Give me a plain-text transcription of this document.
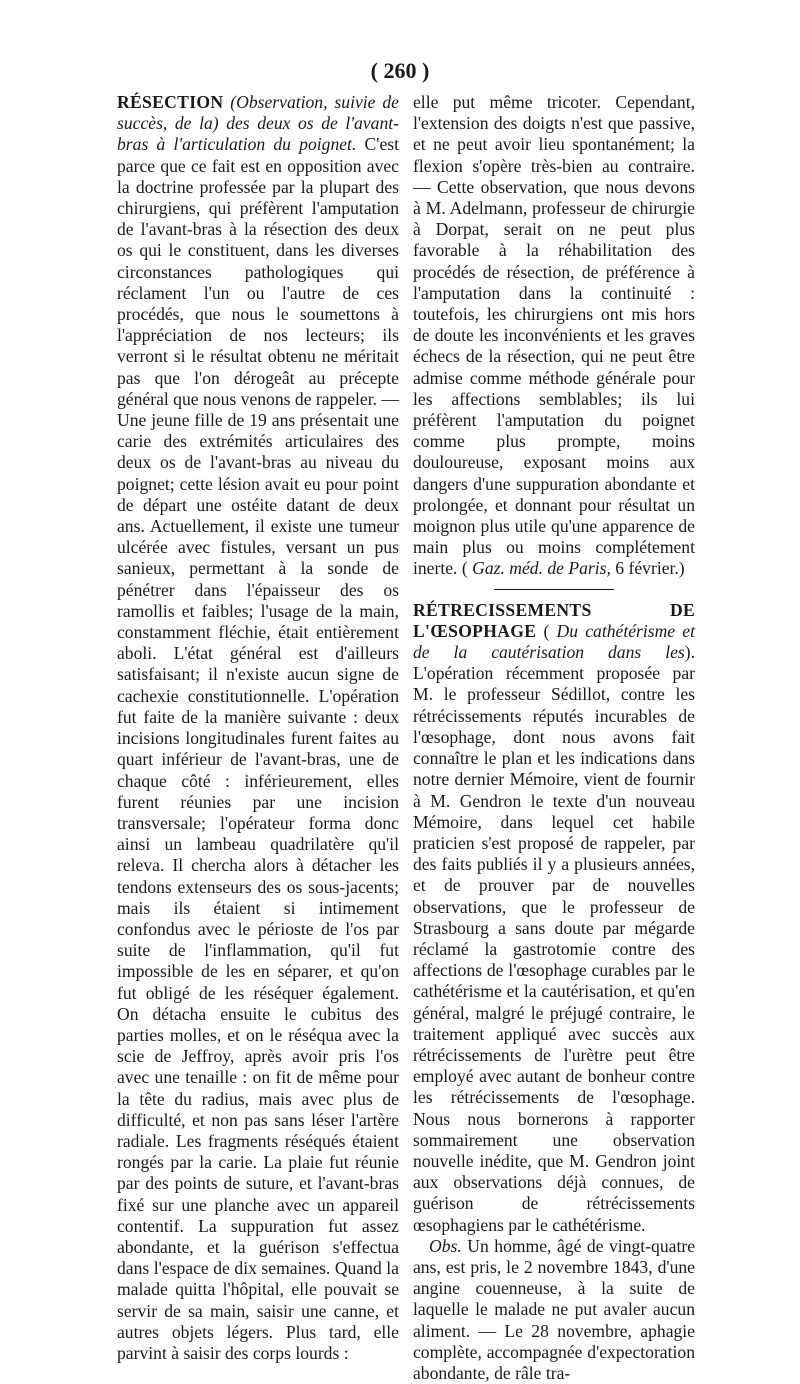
( 260 )

RÉSECTION (Observation, suivie de succès, de la) des deux os de l'avant-bras à l'articulation du poignet. C'est parce que ce fait est en opposition avec la doctrine professée par la plupart des chirurgiens, qui préfèrent l'amputation de l'avant-bras à la résection des deux os qui le constituent, dans les diverses circonstances pathologiques qui réclament l'un ou l'autre de ces procédés, que nous le soumettons à l'appréciation de nos lecteurs; ils verront si le résultat obtenu ne méritait pas que l'on dérogeât au précepte général que nous venons de rappeler. — Une jeune fille de 19 ans présentait une carie des extrémités articulaires des deux os de l'avant-bras au niveau du poignet; cette lésion avait eu pour point de départ une ostéite datant de deux ans. Actuellement, il existe une tumeur ulcérée avec fistules, versant un pus sanieux, permettant à la sonde de pénétrer dans l'épaisseur des os ramollis et faibles; l'usage de la main, constamment fléchie, était entièrement aboli. L'état général est d'ailleurs satisfaisant; il n'existe aucun signe de cachexie constitutionnelle. L'opération fut faite de la manière suivante : deux incisions longitudinales furent faites au quart inférieur de l'avant-bras, une de chaque côté : inférieurement, elles furent réunies par une incision transversale; l'opérateur forma donc ainsi un lambeau quadrilatère qu'il releva. Il chercha alors à détacher les tendons extenseurs des os sous-jacents; mais ils étaient si intimement confondus avec le périoste de l'os par suite de l'inflammation, qu'il fut impossible de les en séparer, et qu'on fut obligé de les réséquer également. On détacha ensuite le cubitus des parties molles, et on le réséqua avec la scie de Jeffroy, après avoir pris l'os avec une tenaille : on fit de même pour la tête du radius, mais avec plus de difficulté, et non pas sans léser l'artère radiale. Les fragments réséqués étaient rongés par la carie. La plaie fut réunie par des points de suture, et l'avant-bras fixé sur une planche avec un appareil contentif. La suppuration fut assez abondante, et la guérison s'effectua dans l'espace de dix semaines. Quand la malade quitta l'hôpital, elle pouvait se servir de sa main, saisir une canne, et autres objets légers. Plus tard, elle parvint à saisir des corps lourds :

elle put même tricoter. Cependant, l'extension des doigts n'est que passive, et ne peut avoir lieu spontanément; la flexion s'opère très-bien au contraire. — Cette observation, que nous devons à M. Adelmann, professeur de chirurgie à Dorpat, serait on ne peut plus favorable à la réhabilitation des procédés de résection, de préférence à l'amputation dans la continuité : toutefois, les chirurgiens ont mis hors de doute les inconvénients et les graves échecs de la résection, qui ne peut être admise comme méthode générale pour les affections semblables; ils lui préfèrent l'amputation du poignet comme plus prompte, moins douloureuse, exposant moins aux dangers d'une suppuration abondante et prolongée, et donnant pour résultat un moignon plus utile qu'une apparence de main plus ou moins complétement inerte. ( Gaz. méd. de Paris, 6 février.)

RÉTRECISSEMENTS DE L'ŒSOPHAGE ( Du cathétérisme et de la cautérisation dans les). L'opération récemment proposée par M. le professeur Sédillot, contre les rétrécissements réputés incurables de l'œsophage, dont nous avons fait connaître le plan et les indications dans notre dernier Mémoire, vient de fournir à M. Gendron le texte d'un nouveau Mémoire, dans lequel cet habile praticien s'est proposé de rappeler, par des faits publiés il y a plusieurs années, et de prouver par de nouvelles observations, que le professeur de Strasbourg a sans doute par mégarde réclamé la gastrotomie contre des affections de l'œsophage curables par le cathétérisme et la cautérisation, et qu'en général, malgré le préjugé contraire, le traitement appliqué avec succès aux rétrécissements de l'urètre peut être employé avec autant de bonheur contre les rétrécissements de l'œsophage. Nous nous bornerons à rapporter sommairement une observation nouvelle inédite, que M. Gendron joint aux observations déjà connues, de guérison de rétrécissements œsophagiens par le cathétérisme.

Obs. Un homme, âgé de vingt-quatre ans, est pris, le 2 novembre 1843, d'une angine couenneuse, à la suite de laquelle le malade ne put avaler aucun aliment. — Le 28 novembre, aphagie complète, accompagnée d'expectoration abondante, de râle tra-
